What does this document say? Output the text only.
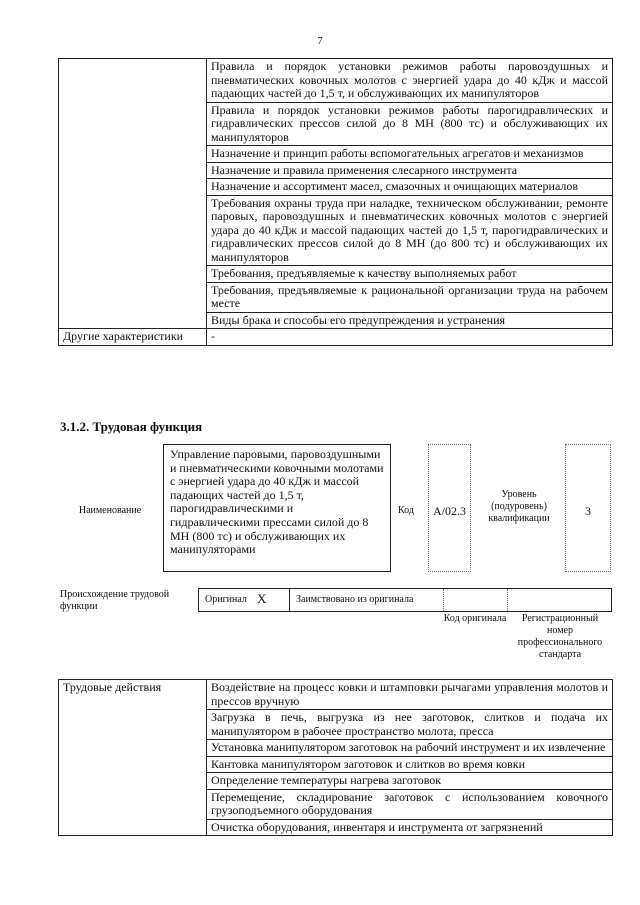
7
	Правила и порядок установки режимов работы паровоздушных и пневматических ковочных молотов с энергией удара до 40 кДж и массой падающих частей до 1,5 т, и обслуживающих их манипуляторов
	Правила и порядок установки режимов работы парогидравлических и гидравлических прессов силой до 8 МН (800 тс) и обслуживающих их манипуляторов
	Назначение и принцип работы вспомогательных агрегатов и механизмов
	Назначение и правила применения слесарного инструмента
	Назначение и ассортимент масел, смазочных и очищающих материалов
	Требования охраны труда при наладке, техническом обслуживании, ремонте паровых, паровоздушных и пневматических ковочных молотов с энергией удара до 40 кДж и массой падающих частей до 1,5 т, парогидравлических и гидравлических прессов силой до 8 МН (до 800 тс) и обслуживающих их манипуляторов
	Требования, предъявляемые к качеству выполняемых работ
	Требования, предъявляемые к рациональной организации труда на рабочем месте
	Виды брака и способы его предупреждения и устранения
Другие характеристики	-
3.1.2. Трудовая функция
Наименование
Управление паровыми, паровоздушными и пневматическими ковочными молотами с энергией удара до 40 кДж и массой падающих частей до 1,5 т, парогидравлическими и гидравлическими прессами силой до 8 МН (800 тс) и обслуживающих их манипуляторами
Код	А/02.3
Уровень (подуровень) квалификации
3
Происхождение трудовой функции
Оригинал X	Заимствовано из оригинала
Код оригинала	Регистрационный номер профессионального стандарта
Трудовые действия	Воздействие на процесс ковки и штамповки рычагами управления молотов и прессов вручную
Загрузка в печь, выгрузка из нее заготовок, слитков и подача их манипулятором в рабочее пространство молота, пресса
Установка манипулятором заготовок на рабочий инструмент и их извлечение
Кантовка манипулятором заготовок и слитков во время ковки
Определение температуры нагрева заготовок
Перемещение, складирование заготовок с использованием ковочного грузоподъемного оборудования
Очистка оборудования, инвентаря и инструмента от загрязнений
